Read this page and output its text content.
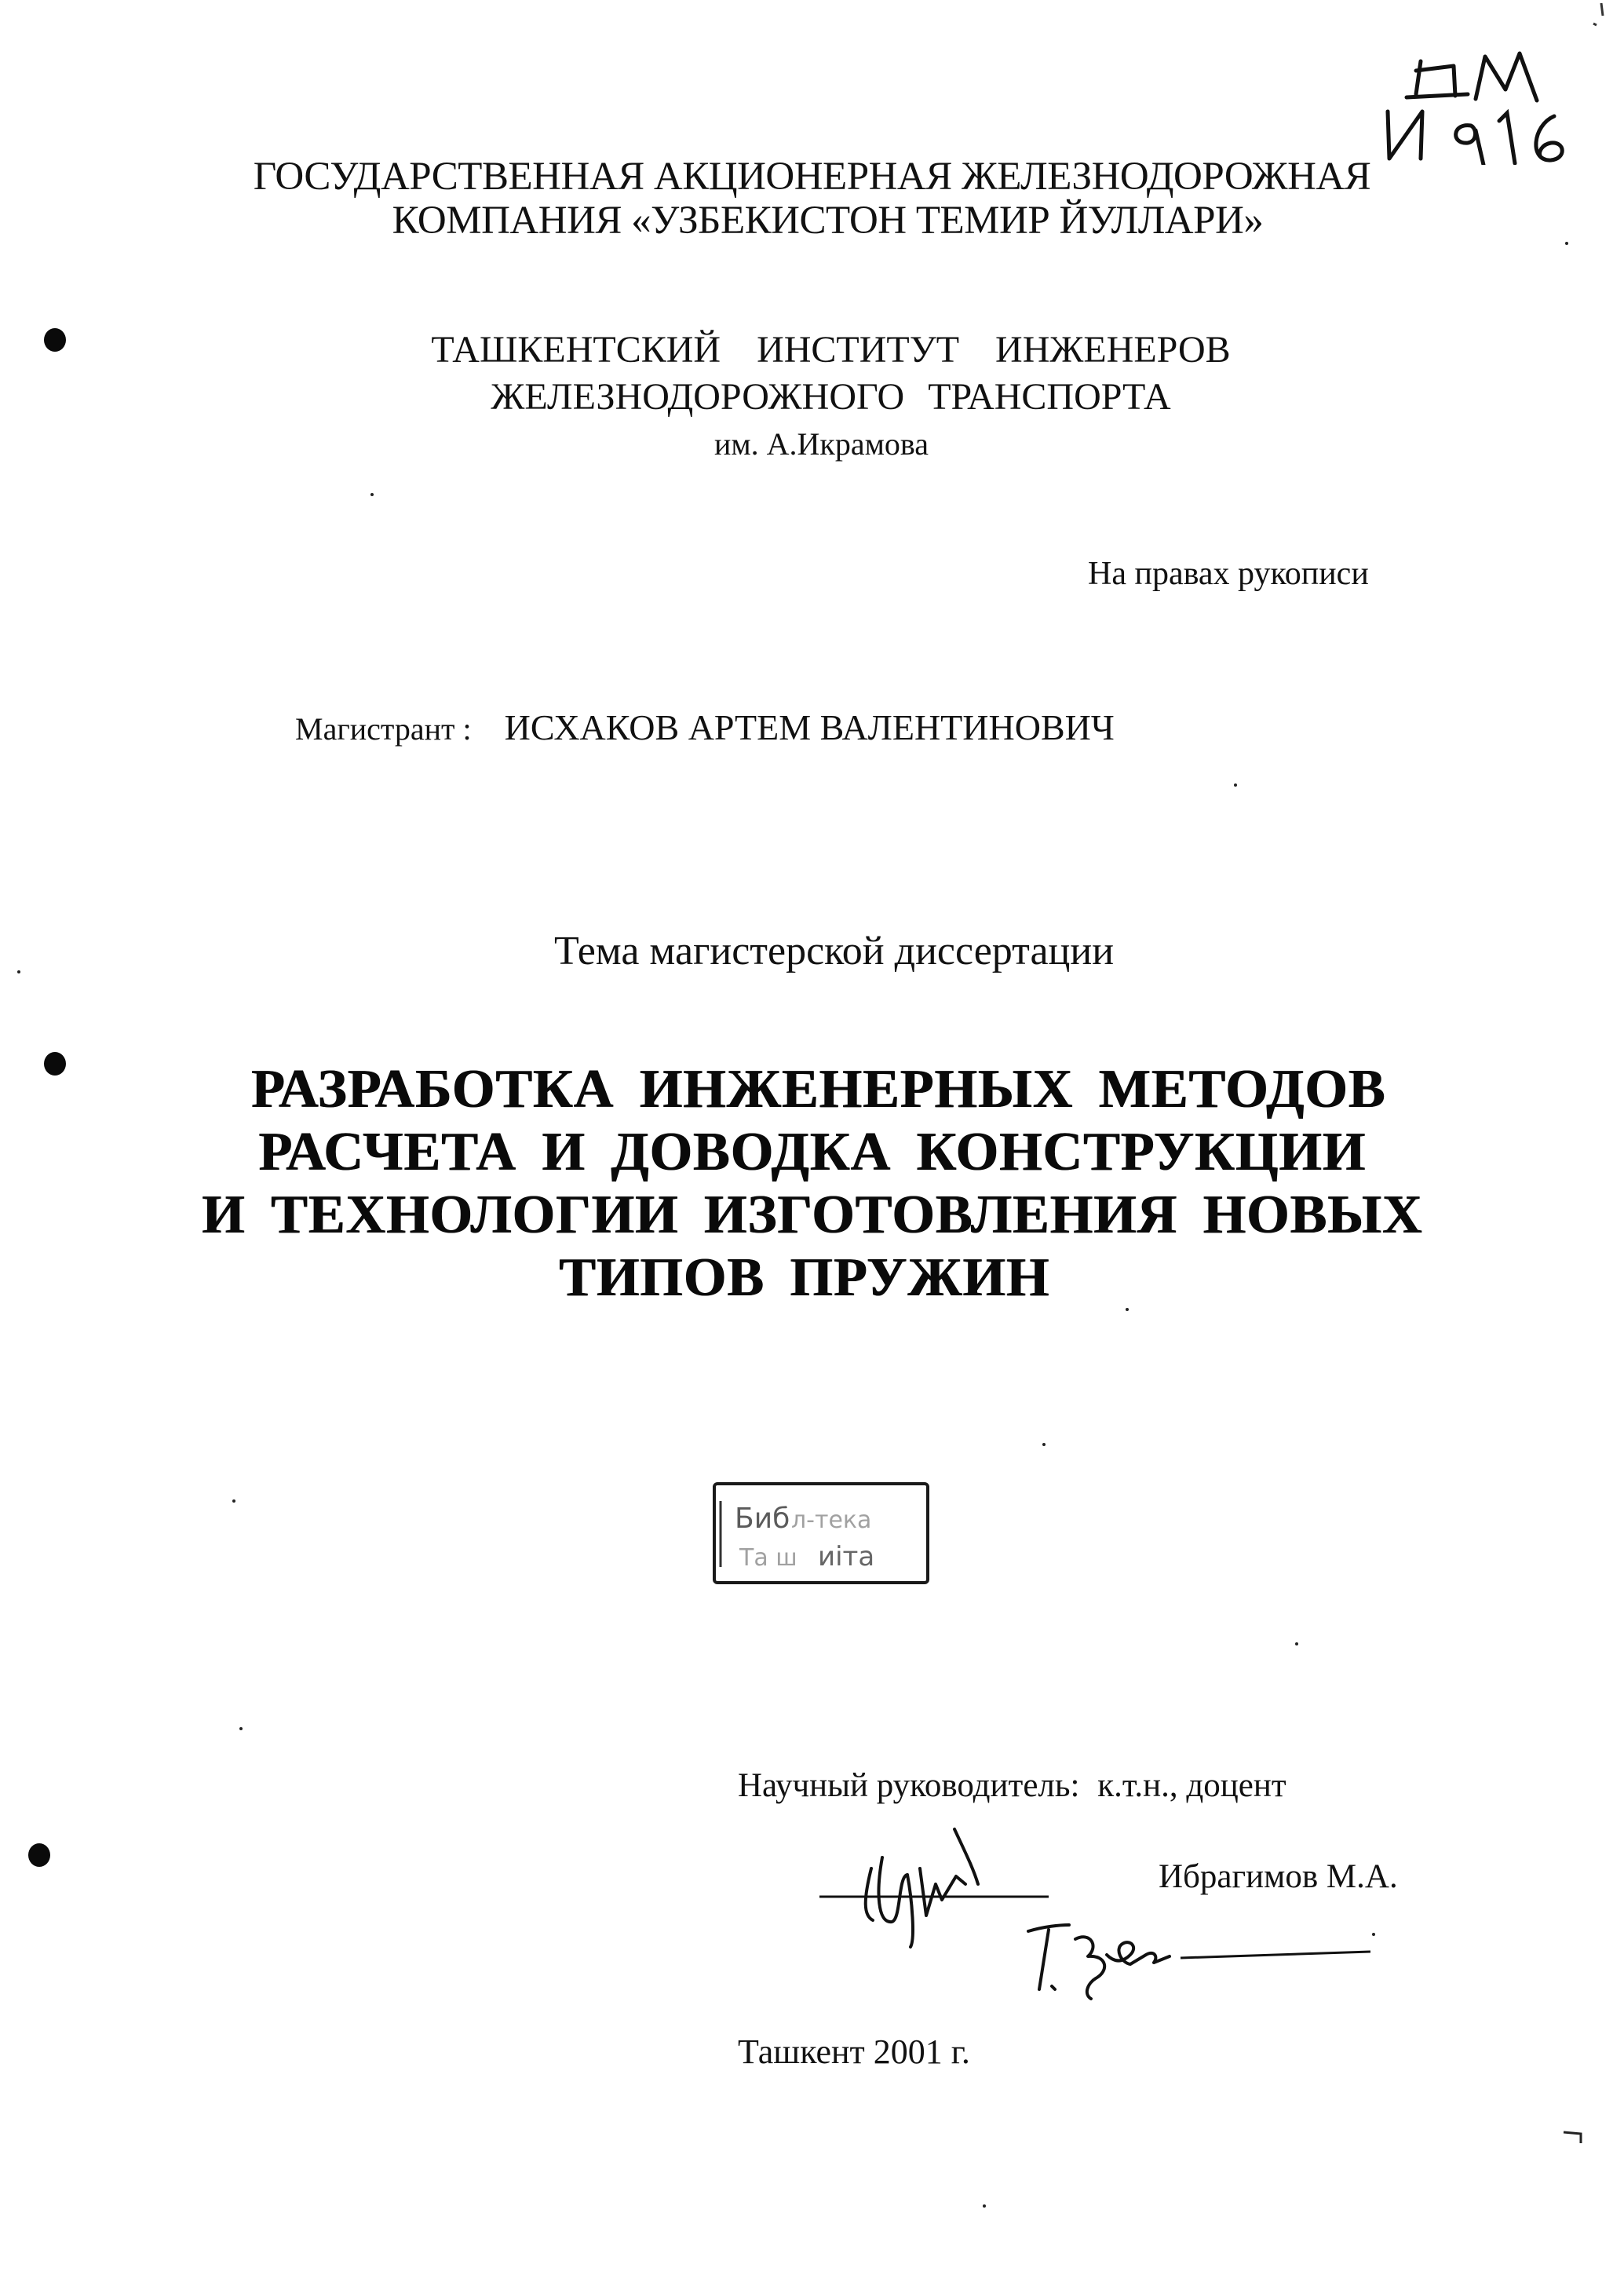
ГОСУДАРСТВЕННАЯ АКЦИОНЕРНАЯ ЖЕЛЕЗНОДОРОЖНАЯ
КОМПАНИЯ «УЗБЕКИСТОН ТЕМИР ЙУЛЛАРИ»
ТАШКЕНТСКИЙ ИНСТИТУТ ИНЖЕНЕРОВ
ЖЕЛЕЗНОДОРОЖНОГО ТРАНСПОРТА
им. А.Икрамова
На правах рукописи
Магистрант : ИСХАКОВ АРТЕМ ВАЛЕНТИНОВИЧ
Тема магистерской диссертации
РАЗРАБОТКА ИНЖЕНЕРНЫХ МЕТОДОВ
РАСЧЕТА И ДОВОДКА КОНСТРУКЦИИ
И ТЕХНОЛОГИИ ИЗГОТОВЛЕНИЯ НОВЫХ
ТИПОВ ПРУЖИН
Биб л-тека
Та ш иіта
Научный руководитель: к.т.н., доцент
Ибрагимов М.А.
Ташкент 2001 г.
